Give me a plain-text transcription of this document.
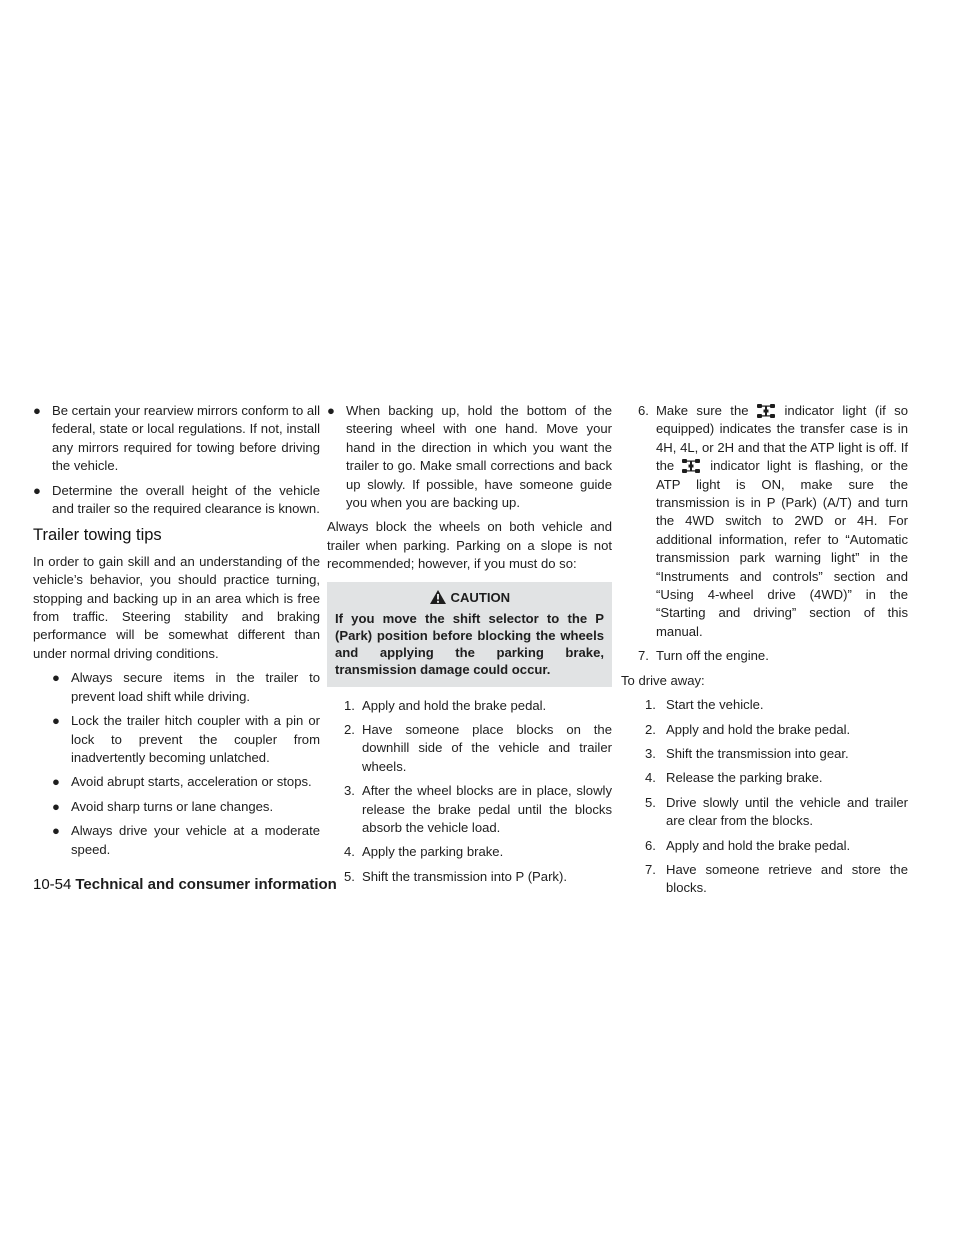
● Be certain your rearview mirrors conform to all federal, state or local regulations. If not, install any mirrors required for towing before driving the vehicle.
● Determine the overall height of the vehicle and trailer so the required clearance is known.
Trailer towing tips

In order to gain skill and an understanding of the vehicle’s behavior, you should practice turning, stopping and backing up in an area which is free from traffic. Steering stability and braking performance will be somewhat different than under normal driving conditions.

● Always secure items in the trailer to prevent load shift while driving.
● Lock the trailer hitch coupler with a pin or lock to prevent the coupler from inadvertently becoming unlatched.
● Avoid abrupt starts, acceleration or stops.
● Avoid sharp turns or lane changes.
● Always drive your vehicle at a moderate speed.
● When backing up, hold the bottom of the steering wheel with one hand. Move your hand in the direction in which you want the trailer to go. Make small corrections and back up slowly. If possible, have someone guide you when you are backing up.

Always block the wheels on both vehicle and trailer when parking. Parking on a slope is not recommended; however, if you must do so:

CAUTION
If you move the shift selector to the P (Park) position before blocking the wheels and applying the parking brake, transmission damage could occur.
1. Apply and hold the brake pedal.
2. Have someone place blocks on the downhill side of the vehicle and trailer wheels.
3. After the wheel blocks are in place, slowly release the brake pedal until the blocks absorb the vehicle load.
4. Apply the parking brake.
5. Shift the transmission into P (Park).
6. Make sure the	indicator light (if so equipped) indicates the transfer case is in 4H, 4L, or 2H and that the ATP light is off. If the	indicator light is flashing, or the ATP light is ON, make sure the transmission is in P (Park) (A/T) and turn the 4WD switch to 2WD or 4H. For additional information, refer to “Automatic transmission park warning light” in the “Instruments and controls” section and “Using 4-wheel drive (4WD)” in the “Starting and driving” section of this manual.
7. Turn off the engine.

To drive away:

1. Start the vehicle.
2. Apply and hold the brake pedal.
3. Shift the transmission into gear.
4. Release the parking brake.
5. Drive slowly until the vehicle and trailer are clear from the blocks.
6. Apply and hold the brake pedal.
7. Have someone retrieve and store the blocks.
10-54 Technical and consumer information
